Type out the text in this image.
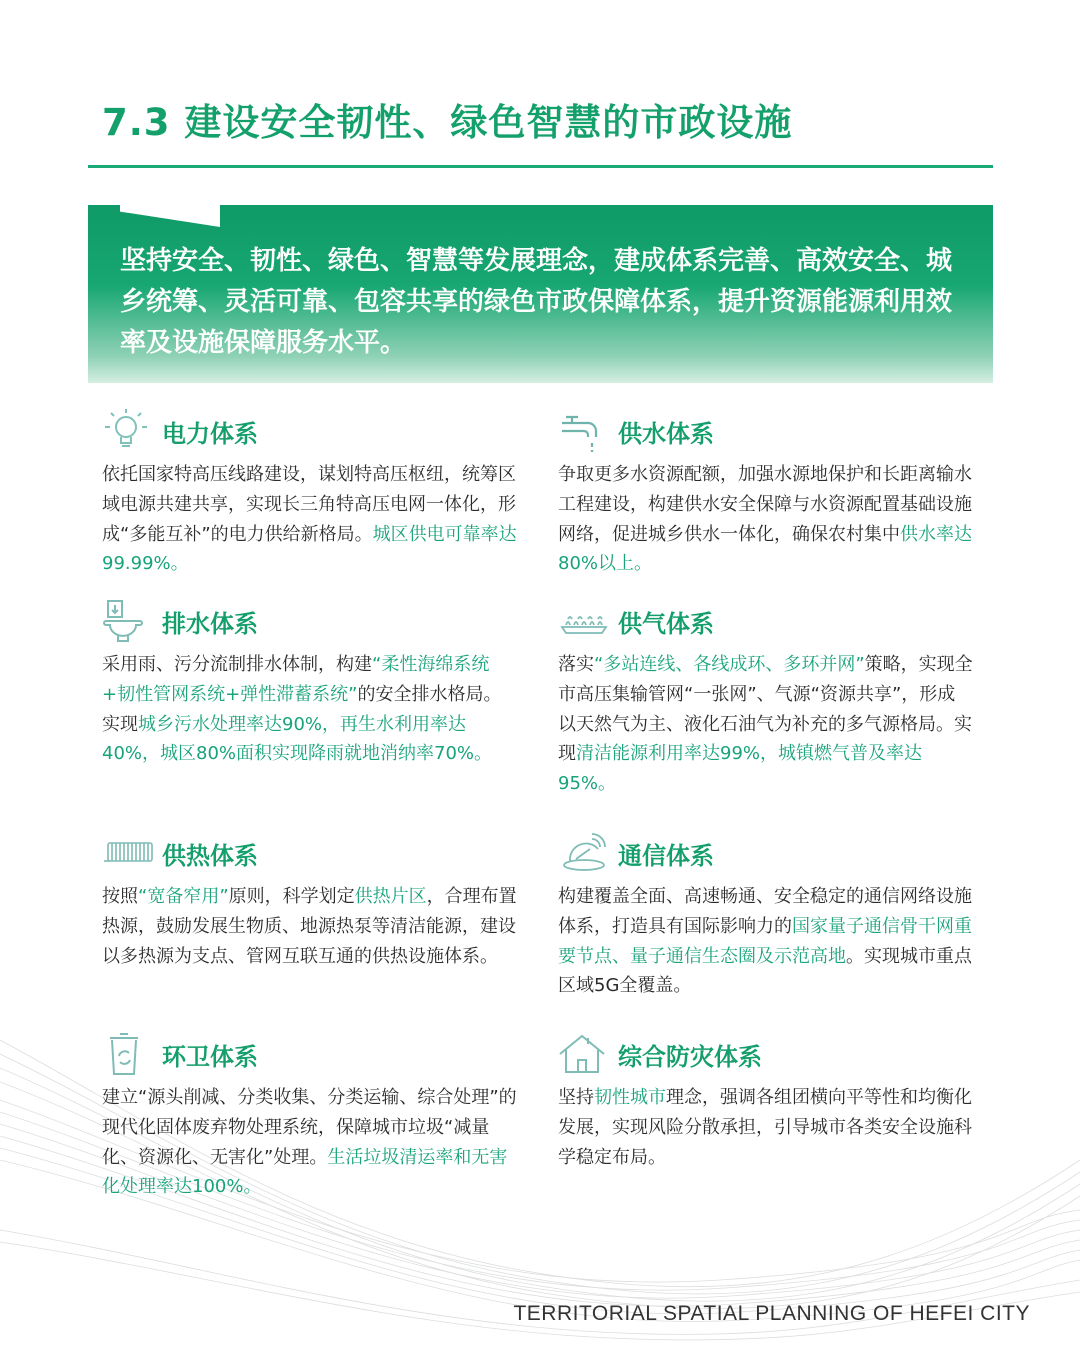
7.3 建设安全韧性、绿色智慧的市政设施
坚持安全、韧性、绿色、智慧等发展理念，建成体系完善、高效安全、城乡统筹、灵活可靠、包容共享的绿色市政保障体系，提升资源能源利用效率及设施保障服务水平。
电力体系
依托国家特高压线路建设，谋划特高压枢纽，统筹区域电源共建共享，实现长三角特高压电网一体化，形成“多能互补”的电力供给新格局。城区供电可靠率达99.99%。
供水体系
争取更多水资源配额，加强水源地保护和长距离输水工程建设，构建供水安全保障与水资源配置基础设施网络，促进城乡供水一体化，确保农村集中供水率达80%以上。
排水体系
采用雨、污分流制排水体制，构建“柔性海绵系统+韧性管网系统+弹性滞蓄系统”的安全排水格局。实现城乡污水处理率达90%，再生水利用率达40%，城区80%面积实现降雨就地消纳率70%。
供气体系
落实“多站连线、各线成环、多环并网”策略，实现全市高压集输管网“一张网”、气源“资源共享”，形成以天然气为主、液化石油气为补充的多气源格局。实现清洁能源利用率达99%，城镇燃气普及率达95%。
供热体系
按照“宽备窄用”原则，科学划定供热片区，合理布置热源，鼓励发展生物质、地源热泵等清洁能源，建设以多热源为支点、管网互联互通的供热设施体系。
通信体系
构建覆盖全面、高速畅通、安全稳定的通信网络设施体系，打造具有国际影响力的国家量子通信骨干网重要节点、量子通信生态圈及示范高地。实现城市重点区域5G全覆盖。
环卫体系
建立“源头削减、分类收集、分类运输、综合处理”的现代化固体废弃物处理系统，保障城市垃圾“减量化、资源化、无害化”处理。生活垃圾清运率和无害化处理率达100%。
综合防灾体系
坚持韧性城市理念，强调各组团横向平等性和均衡化发展，实现风险分散承担，引导城市各类安全设施科学稳定布局。
TERRITORIAL SPATIAL PLANNING OF HEFEI CITY
